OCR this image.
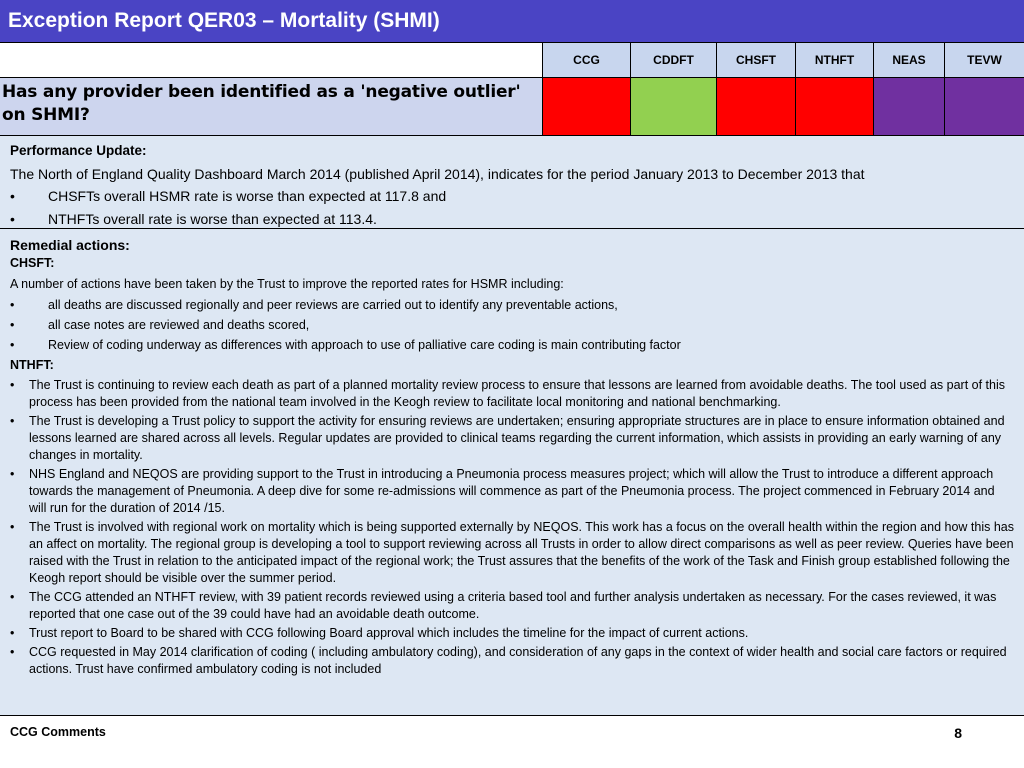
Exception Report QER03 – Mortality (SHMI)
CCG	CDDFT	CHSFT	NTHFT	NEAS	TEVW
Has any provider been identified as a 'negative outlier' on SHMI?
Performance Update:
The North of England Quality Dashboard March 2014 (published April 2014), indicates for the period January 2013 to December 2013 that
•	CHSFTs overall HSMR rate is worse than expected at 117.8 and
•	NTHFTs overall rate is worse than expected at 113.4.
Remedial actions:
CHSFT:
A number of actions have been taken by the Trust to improve the reported rates for HSMR including:
•	all deaths are discussed regionally and peer reviews are carried out to identify any preventable actions,
•	all case notes are reviewed and deaths scored,
•	Review of coding underway as differences with approach to use of palliative care coding is main contributing factor
NTHFT:
•	The Trust is continuing to review each death as part of a planned mortality review process to ensure that lessons are learned from avoidable deaths. The tool used as part of this process has been provided from the national team involved in the Keogh review to facilitate local monitoring and national benchmarking.
•	The Trust is developing a Trust policy to support the activity for ensuring reviews are undertaken; ensuring appropriate structures are in place to ensure information obtained and lessons learned are shared across all levels. Regular updates are provided to clinical teams regarding the current information, which assists in providing an early warning of any changes in mortality.
•	NHS England and NEQOS are providing support to the Trust in introducing a Pneumonia process measures project; which will allow the Trust to introduce a different approach towards the management of Pneumonia. A deep dive for some re-admissions will commence as part of the Pneumonia process. The project commenced in February 2014 and will run for the duration of 2014 /15.
•	The Trust is involved with regional work on mortality which is being supported externally by NEQOS. This work has a focus on the overall health within the region and how this has an affect on mortality. The regional group is developing a tool to support reviewing across all Trusts in order to allow direct comparisons as well as peer review. Queries have been raised with the Trust in relation to the anticipated impact of the regional work; the Trust assures that the benefits of the work of the Task and Finish group established following the Keogh report should be visible over the summer period.
•	The CCG attended an NTHFT review, with 39 patient records reviewed using a criteria based tool and further analysis undertaken as necessary. For the cases reviewed, it was reported that one case out of the 39 could have had an avoidable death outcome.
•	Trust report to Board to be shared with CCG following Board approval which includes the timeline for the impact of current actions.
•	CCG requested in May 2014 clarification of coding ( including ambulatory coding), and consideration of any gaps in the context of wider health and social care factors or required actions. Trust have confirmed ambulatory coding is not included
CCG Comments	8
